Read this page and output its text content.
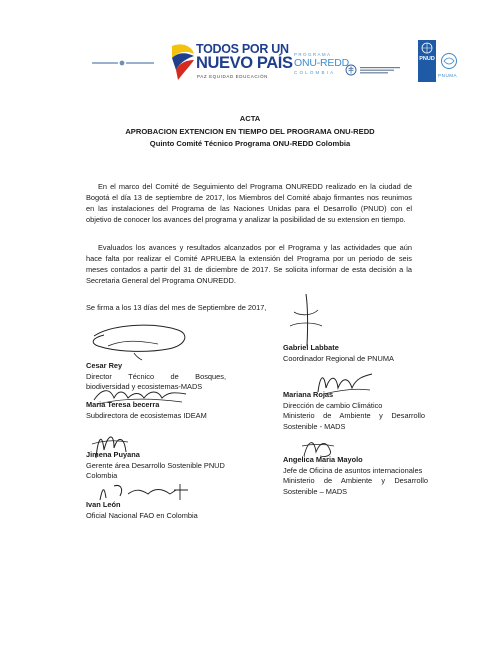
TODOS POR UN
NUEVO PAÍS
PAZ EQUIDAD EDUCACIÓN
PROGRAMA
ONU-REDD
COLOMBIA
PNUD
PNUMA
ACTA
APROBACION EXTENCION EN TIEMPO DEL PROGRAMA ONU-REDD
Quinto Comité Técnico Programa ONU-REDD Colombia
En el marco del Comité de Seguimiento del Programa ONUREDD realizado en la ciudad de Bogotá el día 13 de septiembre de 2017, los Miembros del Comité abajo firmantes nos reunimos en las instalaciones del Programa de las Naciones Unidas para el Desarrollo (PNUD) con el objetivo de conocer los avances del programa y analizar la posibilidad de su extension en tiempo.
Evaluados los avances y resultados alcanzados por el Programa y las actividades que aún hace falta por realizar el Comité APRUEBA la extensión del Programa por un periodo de seis meses contados a partir del 31 de diciembre de 2017. Se solicita informar de esta decisión a la Secretaria General del Programa ONUREDD.
Se firma a los 13 días del mes de Septiembre de 2017,
Cesar Rey
Director Técnico de Bosques,
biodiversidad y ecosistemas-MADS
Maria Teresa becerra
Subdirectora de ecosistemas IDEAM
Jimena Puyana
Gerente área Desarrollo Sostenible PNUD
Colombia
Ivan León
Oficial Nacional FAO en Colombia
Gabriel Labbate
Coordinador Regional de PNUMA
Mariana Rojas
Dirección de cambio Climático
Ministerio de Ambiente y Desarrollo
Sostenible - MADS
Angelica Maria Mayolo
Jefe de Oficina de asuntos internacionales
Ministerio de Ambiente y Desarrollo
Sostenible – MADS
